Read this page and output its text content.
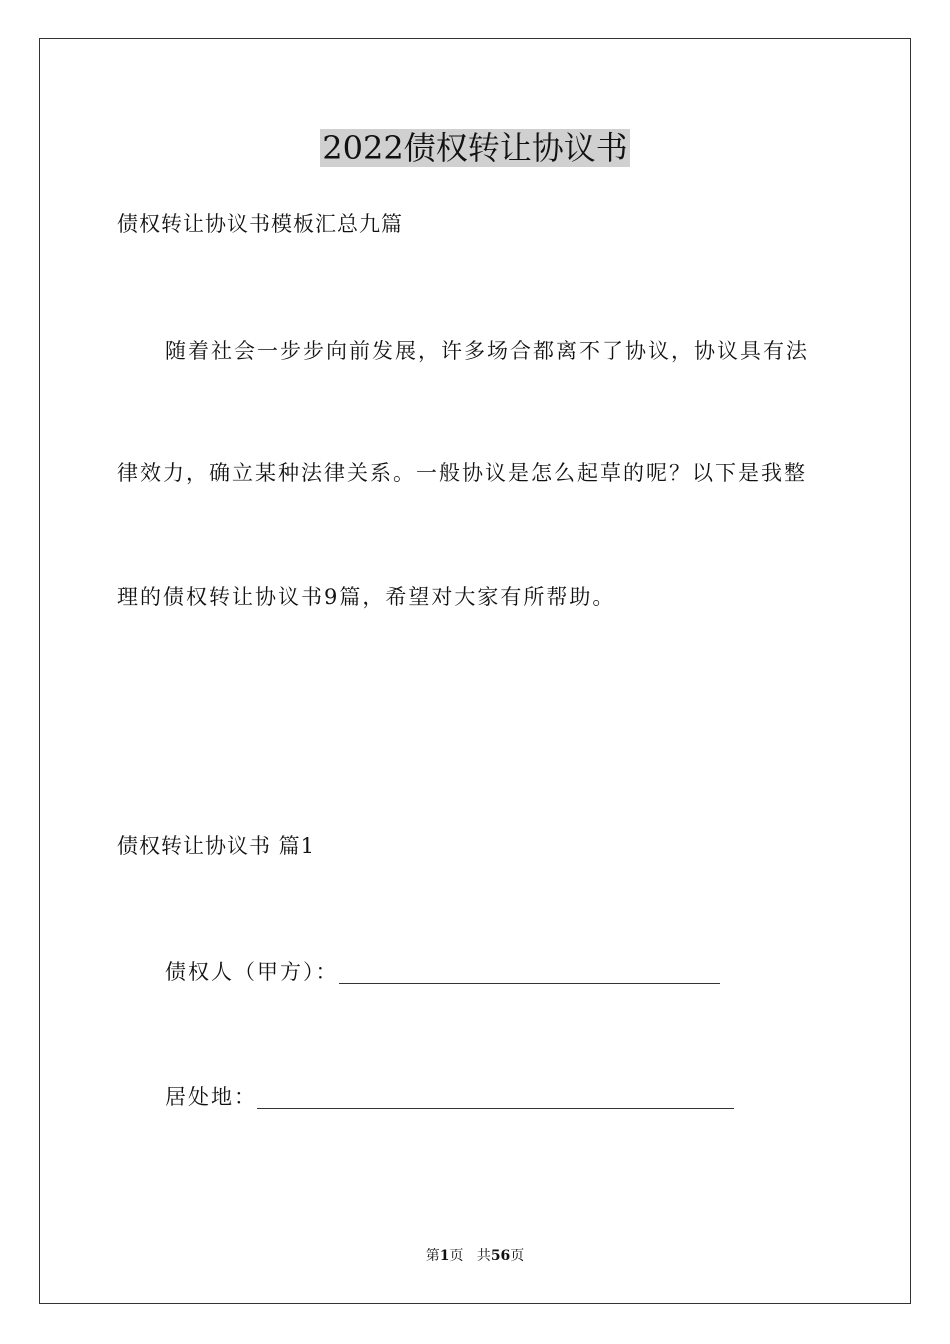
2022债权转让协议书
债权转让协议书模板汇总九篇
随着社会一步步向前发展，许多场合都离不了协议，协议具有法
律效力，确立某种法律关系。一般协议是怎么起草的呢？以下是我整
理的债权转让协议书9篇，希望对大家有所帮助。
债权转让协议书 篇1
债权人（甲方）：
居处地：
第1页 共56页
